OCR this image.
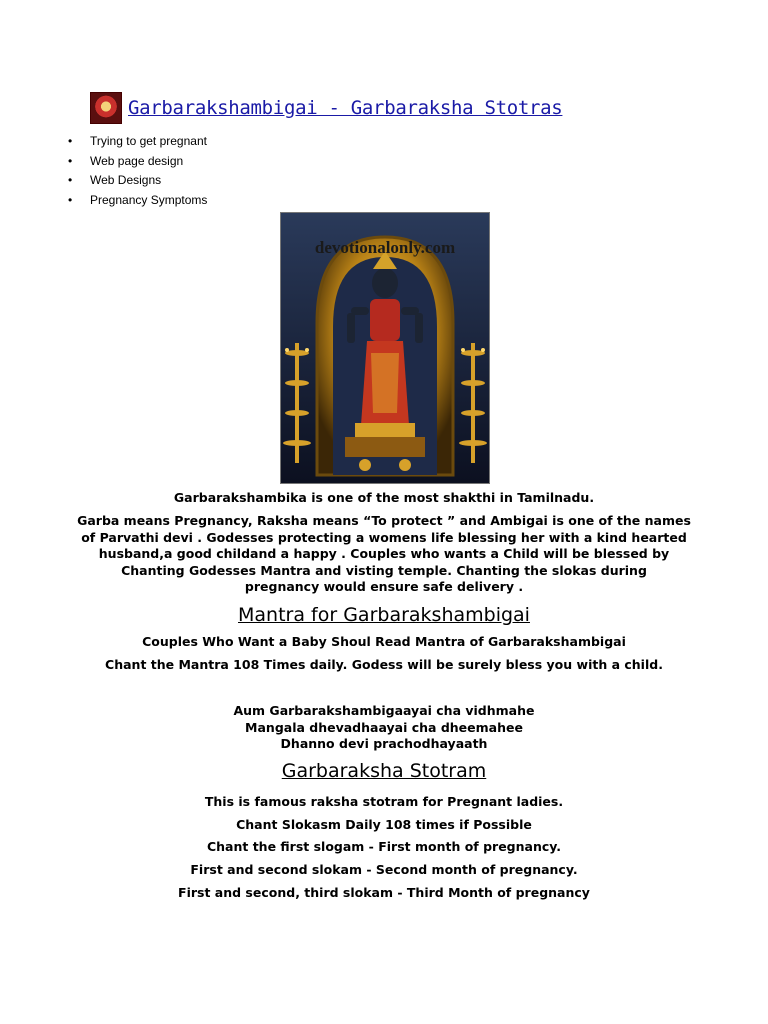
Garbarakshambigai - Garbaraksha Stotras
• Trying to get pregnant
• Web page design
• Web Designs
• Pregnancy Symptoms
devotionalonly.com
Garbarakshambika is one of the most shakthi in Tamilnadu.
Garba means Pregnancy, Raksha means “To protect ” and Ambigai is one of the names
of Parvathi devi . Godesses protecting a womens life blessing her with a kind hearted
husband,a good childand a happy . Couples who wants a Child will be blessed by
Chanting Godesses Mantra and visting temple. Chanting the slokas during
pregnancy would ensure safe delivery .
Mantra for Garbarakshambigai
Couples Who Want a Baby Shoul Read Mantra of Garbarakshambigai
Chant the Mantra 108 Times daily. Godess will be surely bless you with a child.
Aum Garbarakshambigaayai cha vidhmahe
Mangala dhevadhaayai cha dheemahee
Dhanno devi prachodhayaath
Garbaraksha Stotram
This is famous raksha stotram for Pregnant ladies.
Chant Slokasm Daily 108 times if Possible
Chant the first slogam - First month of pregnancy.
First and second slokam - Second month of pregnancy.
First and second, third slokam - Third Month of pregnancy
